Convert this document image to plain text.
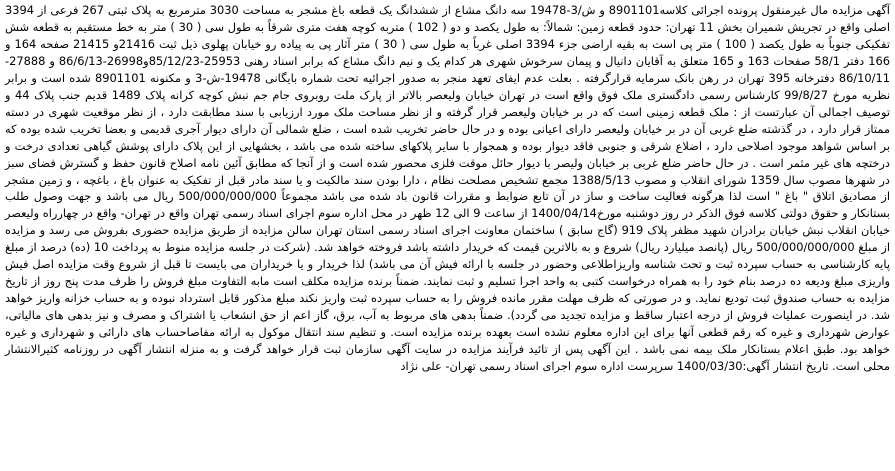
آگهی مزایده مال غیرمنقول پرونده اجرائی کلاسه8901101 و ش/3-19478 سه دانگ مشاع از ششدانگ یک قطعه باغ مشجر به مساحت 3030 مترمربع به پلاک ثبتی 267 فرعی از 3394 اصلی واقع در تجریش شمیران بخش 11 تهران: حدود قطعه زمین: شمالاً: به طول یکصد و دو ( 102 ) متربه کوچه هفت متری شرقاً به طول سی ( 30 ) متر به خط مستقیم به قطعه شش تفکیکی جنوباً به طول یکصد ( 100 ) متر پی است به بقیه اراضی جزء 3394 اصلی غرباً به طول سی ( 30 ) متر آثار پی به پیاده رو خیابان پهلوی ذیل ثبت 21416و 21415 صفحه 164 و 166 دفتر 58/1 صفحات 163 و 165 متعلق به آقایان دانیال و پیمان سرخوش شهری هر کدام یک و نیم دانگ مشاع که برابر اسناد رهنی 25953-85/12/23و26998-86/6/13 و 27888-86/10/11 دفترخانه 395 تهران در رهن بانک سرمایه قرارگرفته . بعلت عدم ایفای تعهد منجر به صدور اجرائیه تحت شماره بایگانی 19478-ش-3 و مکنونه 8901101 شده است و برابر نظریه مورخ 99/8/27 کارشناس رسمی دادگستری ملک فوق واقع است در تهران خیابان ولیعصر بالاتر از پارک ملت روبروی جام جم نبش کوچه کرانه پلاک 1489 قدیم جنب پلاک 44 و توصیف اجمالی آن عبارتست از : ملک قطعه زمینی است که در بر خیابان ولیعصر قرار گرفته و از نظر مساحت ملک مورد ارزیابی با سند مطابقت دارد ، از نظر موقعیت شهری در دسته ممتاز قرار دارد ، در گذشته ضلع غربی آن در بر خیابان ولیعصر دارای اعیانی بوده و در حال حاضر تخریب شده است ، ضلع شمالی آن دارای دیوار آجری قدیمی و بعضا تخریب شده بوده که بر اساس شواهد موجود اصلاحی دارد ، اضلاع شرقی و جنوبی فاقد دیوار بوده و همجوار با سایر پلاکهای ساخته شده می باشد ، بخشهایی از این پلاک دارای پوشش گیاهی تعدادی درخت و درختچه های غیر مثمر است . در حال حاضر ضلع غربی بر خیابان ولیصر با دیوار حائل موقت فلزی محصور شده است و از آنجا که مطابق آئین نامه اصلاح قانون حفظ و گسترش فضای سبز در شهرها مصوب سال 1359 شورای انقلاب و مصوب 1388/5/13 مجمع تشخیص مصلحت نظام ، دارا بودن سند مالکیت و یا سند مادر قبل از تفکیک به عنوان باغ ، باغچه ، و زمین مشجر از مصادیق اتلاق " باغ " است لذا هرگونه فعالیت ساخت و ساز در آن تابع ضوابط و مقررات قانون باد شده می باشد مجموعاً 500/000/000/000 ریال می باشد و جهت وصول طلب بستانکار و حقوق دولتی کلاسه فوق الذکر در روز دوشنبه مورخ1400/04/14 از ساعت 9 الی 12 ظهر در محل اداره سوم اجرای اسناد رسمی تهران واقع در تهران- واقع در چهارراه ولیعصر خیابان انقلاب نبش خیابان برادران شهید مظفر پلاک 919 (گاج سابق ) ساختمان معاونت اجرای اسناد رسمی استان تهران سالن مزایده از طریق مزایده حضوری بفروش می رسد و مزایده از مبلغ 500/000/000/000 ریال (پانصد میلیارد ریال) شروع و به بالاترین قیمت که خریدار داشته باشد فروخته خواهد شد. (شرکت در جلسه مزایده منوط به پرداخت 10 (ده) درصد از مبلغ پایه کارشناسی به حساب سپرده ثبت و تحت شناسه واریزاطلاعی وحضور در جلسه با ارائه فیش آن می باشد) لذا خریدار و یا خریداران می بایست تا قبل از شروع وقت مزایده اصل فیش واریزی مبلغ ودیعه ده درصد بنام خود را به همراه درخواست کتبی به واحد اجرا تسلیم و ثبت نمایند. ضمناً برنده مزایده مکلف است مابه التفاوت مبلغ فروش را ظرف مدت پنج روز از تاریخ مزایده به حساب صندوق ثبت تودیع نماید. و در صورتی که ظرف مهلت مقرر مانده فروش را به حساب سپرده ثبت واریز نکند مبلغ مذکور قابل استرداد نبوده و به حساب خزانه واریز خواهد شد. در اینصورت عملیات فروش از درجه اعتبار ساقط و مزایده تجدید می گردد). ضمناً بدهی های مربوط به آب، برق، گاز اعم از حق انشعاب یا اشتراک و مصرف و نیز بدهی های مالیاتی، عوارض شهرداری و غیره که رقم قطعی آنها برای این اداره معلوم نشده است بعهده برنده مزایده است. و تنظیم سند انتقال موکول به ارائه مفاصاحساب های دارائی و شهرداری و غیره خواهد بود. طبق اعلام بستانکار ملک بیمه نمی باشد . این آگهی پس از تائید فرآیند مزایده در سایت آگهی سازمان ثبت قرار خواهد گرفت و به منزله انتشار آگهی در روزنامه کثیرالانتشار محلی است. تاریخ انتشار آگهی:1400/03/30 سرپرست اداره سوم اجرای اسناد رسمی تهران- علی نژاد
